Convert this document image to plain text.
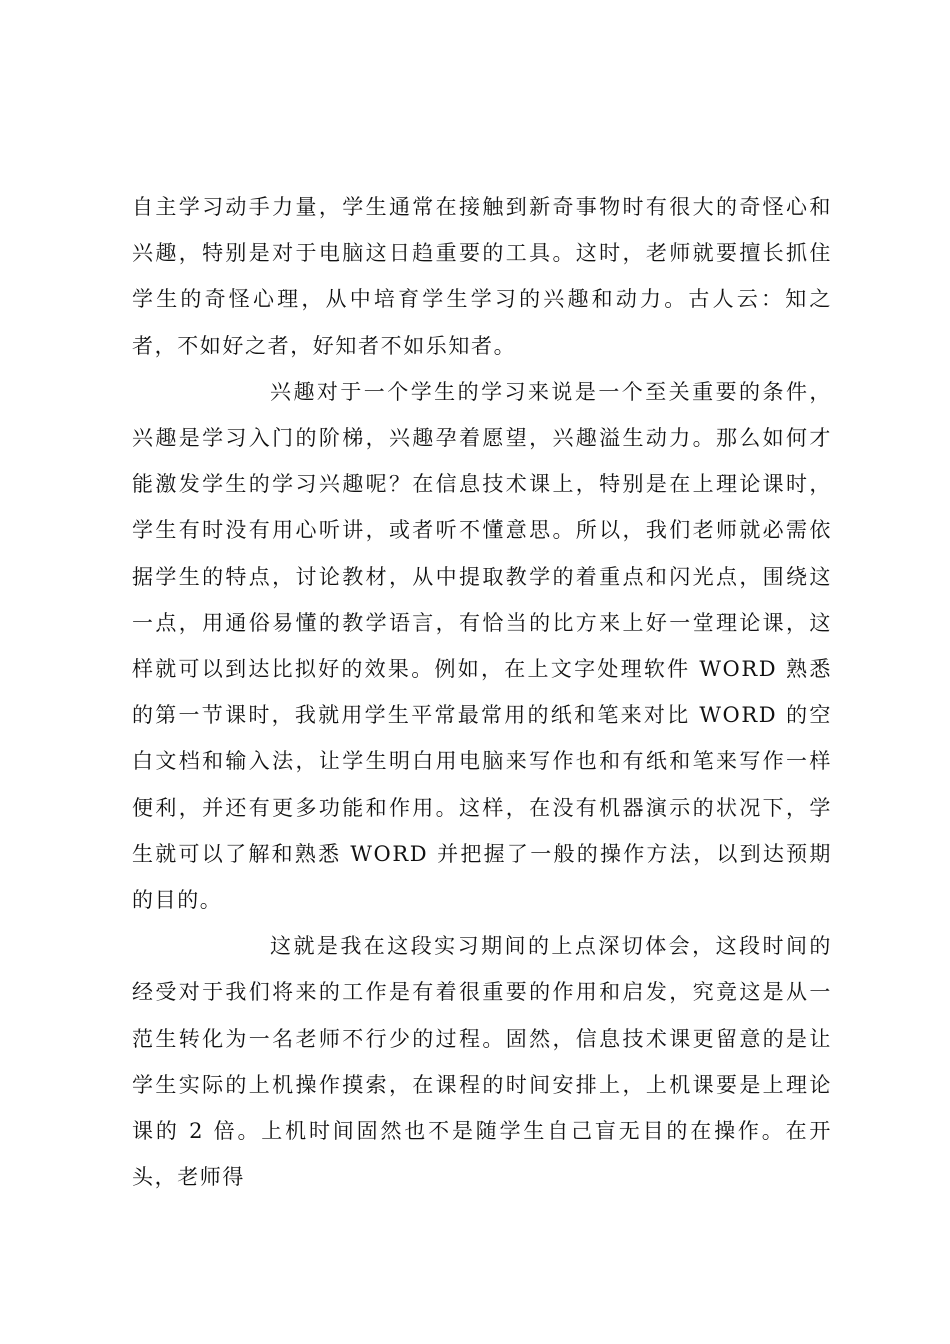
自主学习动手力量，学生通常在接触到新奇事物时有很大的奇怪心和兴趣，特别是对于电脑这日趋重要的工具。这时，老师就要擅长抓住学生的奇怪心理，从中培育学生学习的兴趣和动力。古人云：知之者，不如好之者，好知者不如乐知者。

兴趣对于一个学生的学习来说是一个至关重要的条件，兴趣是学习入门的阶梯，兴趣孕着愿望，兴趣溢生动力。那么如何才能激发学生的学习兴趣呢？在信息技术课上，特别是在上理论课时，学生有时没有用心听讲，或者听不懂意思。所以，我们老师就必需依据学生的特点，讨论教材，从中提取教学的着重点和闪光点，围绕这一点，用通俗易懂的教学语言，有恰当的比方来上好一堂理论课，这样就可以到达比拟好的效果。例如，在上文字处理软件 WORD 熟悉的第一节课时，我就用学生平常最常用的纸和笔来对比 WORD 的空白文档和输入法，让学生明白用电脑来写作也和有纸和笔来写作一样便利，并还有更多功能和作用。这样，在没有机器演示的状况下，学生就可以了解和熟悉 WORD 并把握了一般的操作方法，以到达预期的目的。

这就是我在这段实习期间的上点深切体会，这段时间的经受对于我们将来的工作是有着很重要的作用和启发，究竟这是从一范生转化为一名老师不行少的过程。固然，信息技术课更留意的是让学生实际的上机操作摸索，在课程的时间安排上，上机课要是上理论课的 2 倍。上机时间固然也不是随学生自己盲无目的在操作。在开头，老师得
